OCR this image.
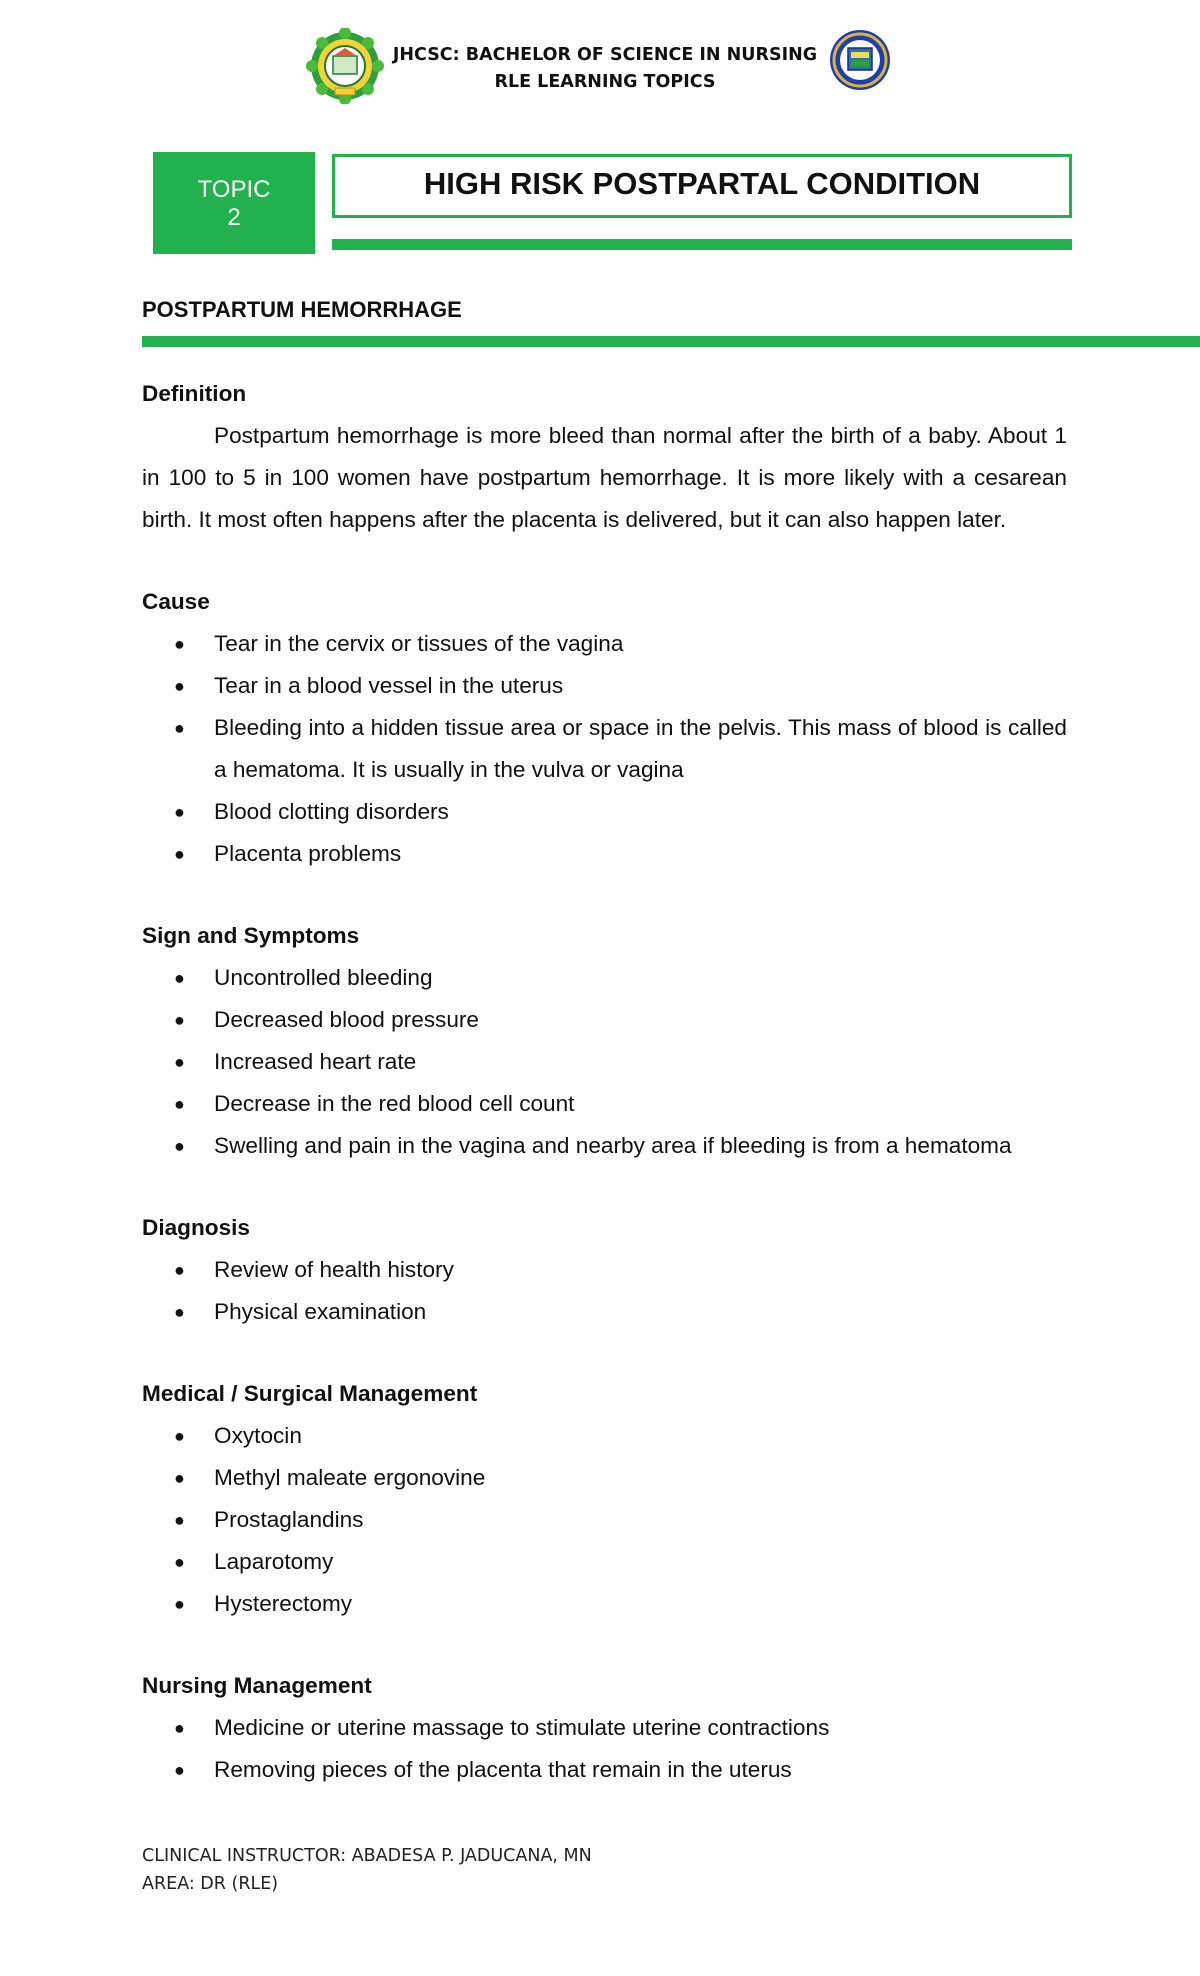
JHCSC: BACHELOR OF SCIENCE IN NURSING
RLE LEARNING TOPICS
TOPIC
2
HIGH RISK POSTPARTAL CONDITION
POSTPARTUM HEMORRHAGE

Definition

Postpartum hemorrhage is more bleed than normal after the birth of a baby. About 1 in 100 to 5 in 100 women have postpartum hemorrhage. It is more likely with a cesarean birth. It most often happens after the placenta is delivered, but it can also happen later.

Cause

● Tear in the cervix or tissues of the vagina
● Tear in a blood vessel in the uterus
● Bleeding into a hidden tissue area or space in the pelvis. This mass of blood is called a hematoma. It is usually in the vulva or vagina
● Blood clotting disorders
● Placenta problems

Sign and Symptoms

● Uncontrolled bleeding
● Decreased blood pressure
● Increased heart rate
● Decrease in the red blood cell count
● Swelling and pain in the vagina and nearby area if bleeding is from a hematoma

Diagnosis

● Review of health history
● Physical examination

Medical / Surgical Management

● Oxytocin
● Methyl maleate ergonovine
● Prostaglandins
● Laparotomy
● Hysterectomy

Nursing Management

● Medicine or uterine massage to stimulate uterine contractions
● Removing pieces of the placenta that remain in the uterus
CLINICAL INSTRUCTOR: ABADESA P. JADUCANA, MN
AREA: DR (RLE)
